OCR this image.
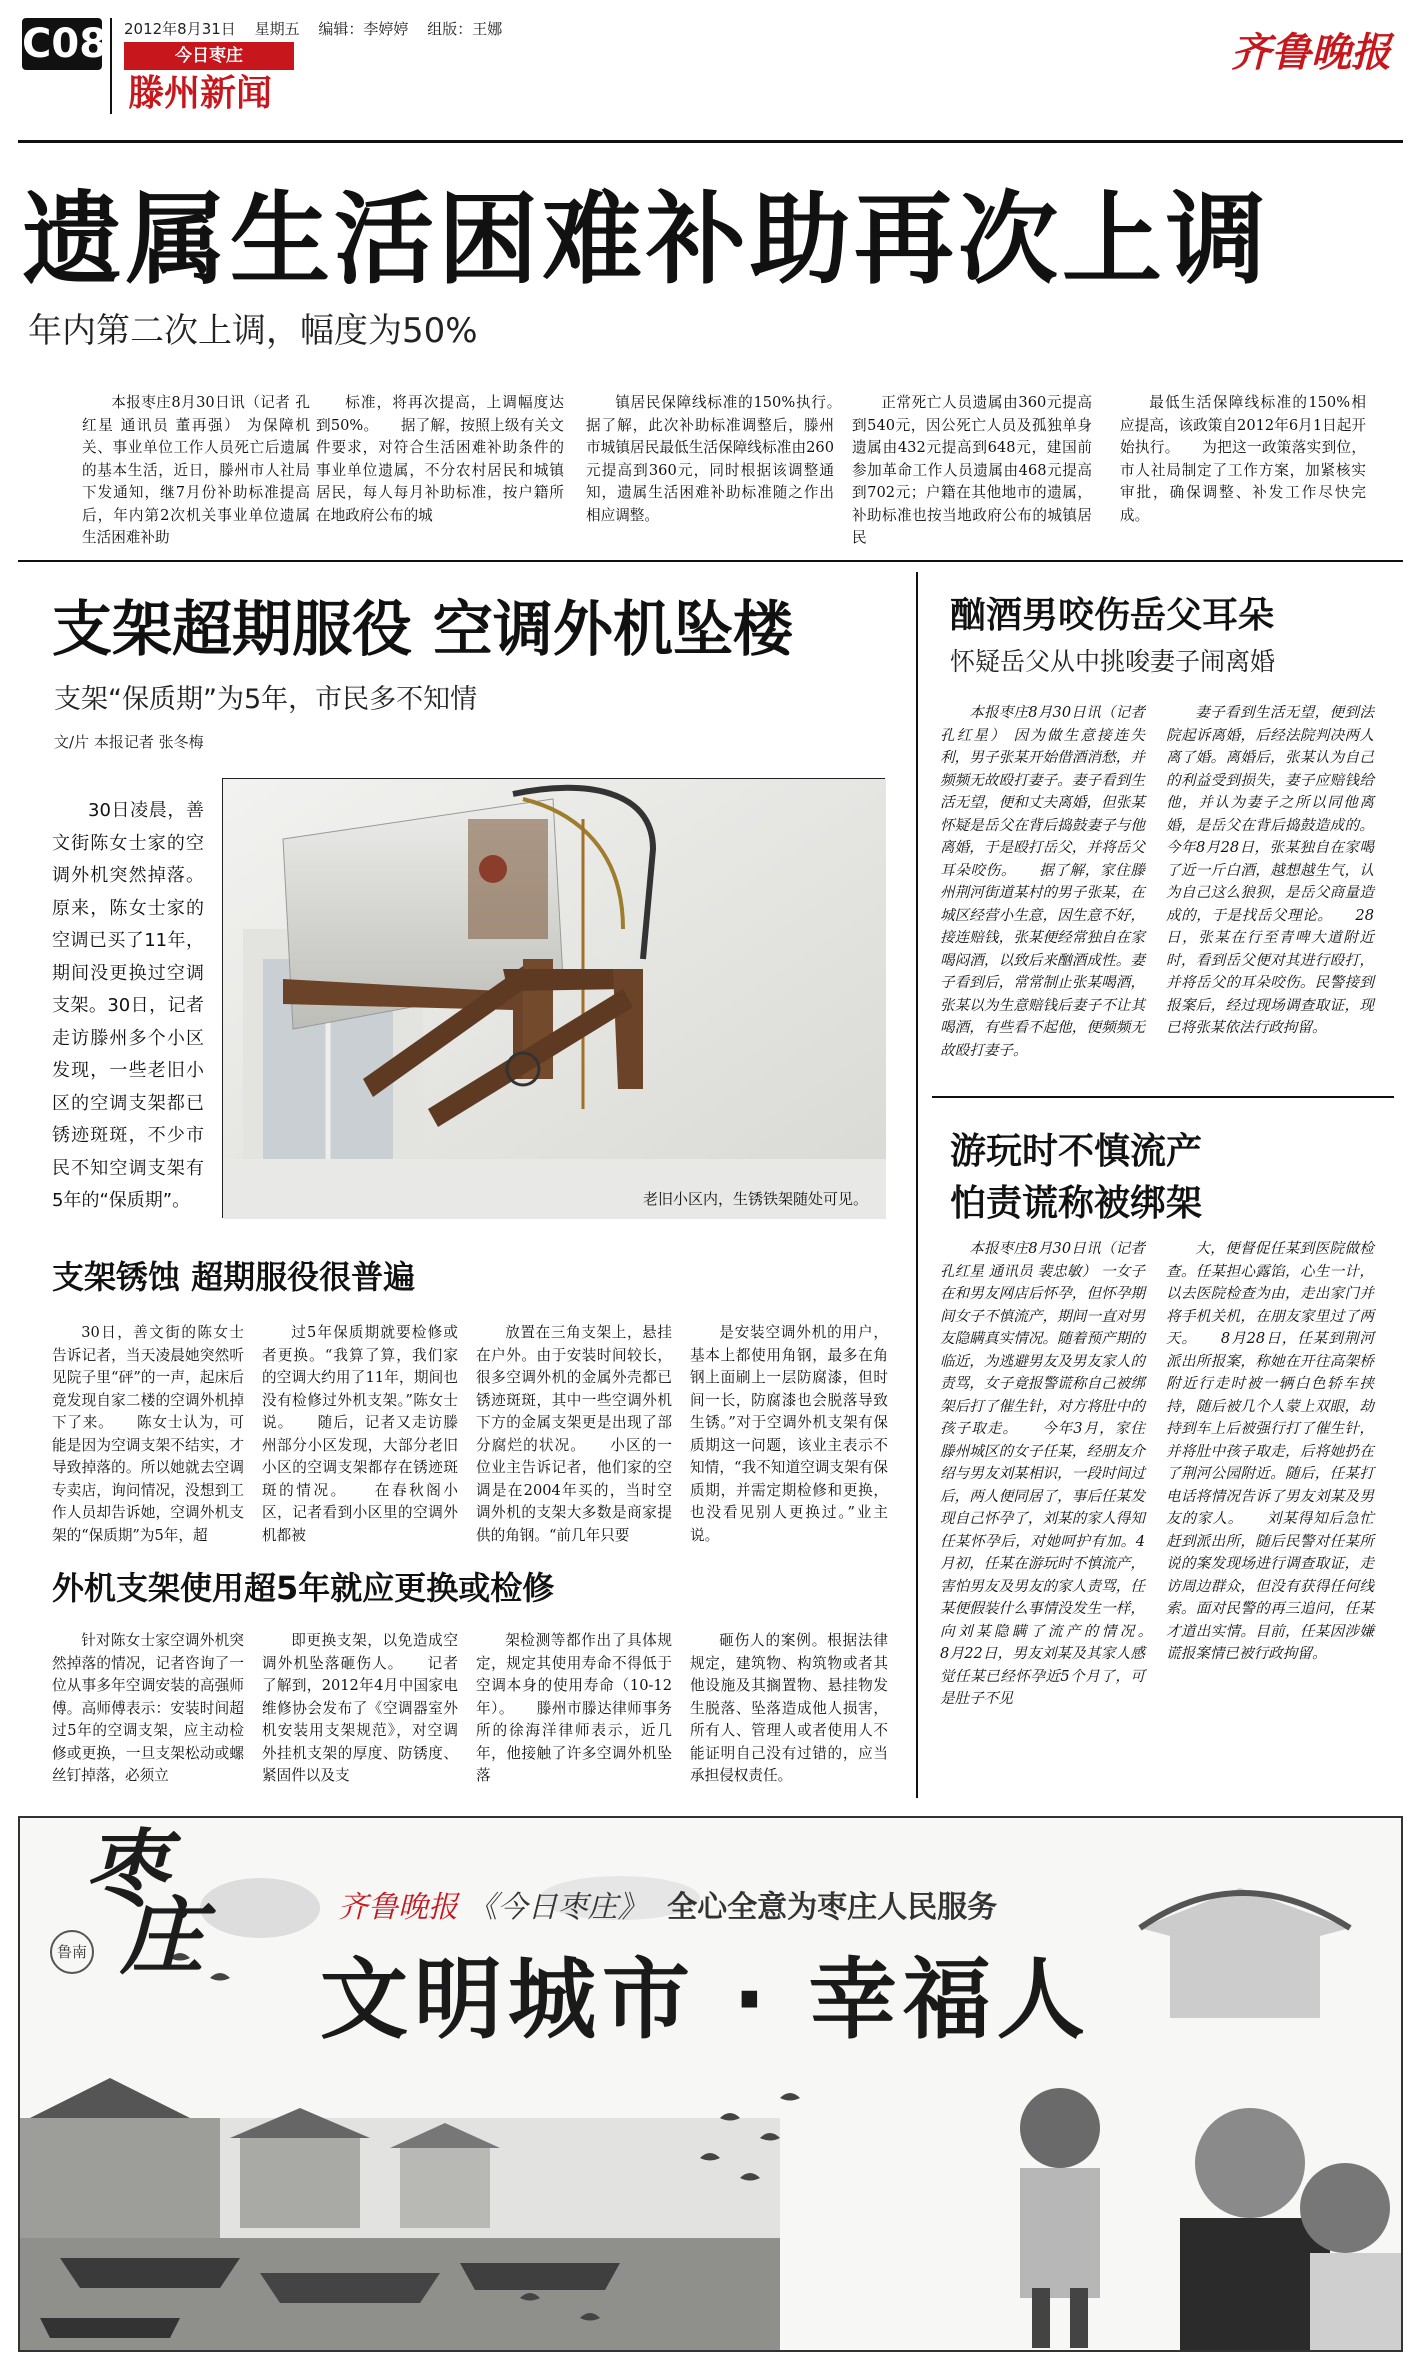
C08 2012年8月31日 星期五 编辑：李婷婷 组版：王娜
今日枣庄
滕州新闻
齐鲁晚报
遗属生活困难补助再次上调
年内第二次上调，幅度为50%

本报枣庄8月30日讯（记者 孔红星 通讯员 董再强） 为保障机关、事业单位工作人员死亡后遗属的基本生活，近日，滕州市人社局下发通知，继7月份补助标准提高后，年内第2次机关事业单位遗属生活困难补助

标准，将再次提高，上调幅度达到50%。　　据了解，按照上级有关文件要求，对符合生活困难补助条件的事业单位遗属，不分农村居民和城镇居民，每人每月补助标准，按户籍所在地政府公布的城

镇居民保障线标准的150%执行。　　据了解，此次补助标准调整后，滕州市城镇居民最低生活保障线标准由260元提高到360元，同时根据该调整通知，遗属生活困难补助标准随之作出相应调整。

正常死亡人员遗属由360元提高到540元，因公死亡人员及孤独单身遗属由432元提高到648元，建国前参加革命工作人员遗属由468元提高到702元；户籍在其他地市的遗属，补助标准也按当地政府公布的城镇居民

最低生活保障线标准的150%相应提高，该政策自2012年6月1日起开始执行。　　为把这一政策落实到位，市人社局制定了工作方案，加紧核实审批，确保调整、补发工作尽快完成。

支架超期服役 空调外机坠楼
支架“保质期”为5年，市民多不知情
文/片 本报记者 张冬梅

30日凌晨，善文街陈女士家的空调外机突然掉落。原来，陈女士家的空调已买了11年，期间没更换过空调支架。30日，记者走访滕州多个小区发现，一些老旧小区的空调支架都已锈迹斑斑，不少市民不知空调支架有5年的“保质期”。	老旧小区内，生锈铁架随处可见。
支架锈蚀 超期服役很普遍

30日，善文街的陈女士告诉记者，当天凌晨她突然听见院子里“砰”的一声，起床后竟发现自家二楼的空调外机掉下了来。　　陈女士认为，可能是因为空调支架不结实，才导致掉落的。所以她就去空调专卖店，询问情况，没想到工作人员却告诉她，空调外机支架的“保质期”为5年，超

过5年保质期就要检修或者更换。“我算了算，我们家的空调大约用了11年，期间也没有检修过外机支架。”陈女士说。　　随后，记者又走访滕州部分小区发现，大部分老旧小区的空调支架都存在锈迹斑斑的情况。　　在春秋阁小区，记者看到小区里的空调外机都被

放置在三角支架上，悬挂在户外。由于安装时间较长，很多空调外机的金属外壳都已锈迹斑斑，其中一些空调外机下方的金属支架更是出现了部分腐烂的状况。　　小区的一位业主告诉记者，他们家的空调是在2004年买的，当时空调外机的支架大多数是商家提供的角钢。“前几年只要

是安装空调外机的用户，基本上都使用角钢，最多在角钢上面刷上一层防腐漆，但时间一长，防腐漆也会脱落导致生锈。”对于空调外机支架有保质期这一问题，该业主表示不知情，“我不知道空调支架有保质期，并需定期检修和更换，也没看见别人更换过。”业主说。

外机支架使用超5年就应更换或检修

针对陈女士家空调外机突然掉落的情况，记者咨询了一位从事多年空调安装的高强师傅。高师傅表示：安装时间超过5年的空调支架，应主动检修或更换，一旦支架松动或螺丝钉掉落，必须立

即更换支架，以免造成空调外机坠落砸伤人。　　记者了解到，2012年4月中国家电维修协会发布了《空调器室外机安装用支架规范》，对空调外挂机支架的厚度、防锈度、紧固件以及支

架检测等都作出了具体规定，规定其使用寿命不得低于空调本身的使用寿命（10-12年）。　　滕州市滕达律师事务所的徐海洋律师表示，近几年，他接触了许多空调外机坠落

砸伤人的案例。根据法律规定，建筑物、构筑物或者其他设施及其搁置物、悬挂物发生脱落、坠落造成他人损害，所有人、管理人或者使用人不能证明自己没有过错的，应当承担侵权责任。

酗酒男咬伤岳父耳朵
怀疑岳父从中挑唆妻子闹离婚

本报枣庄8月30日讯（记者 孔红星） 因为做生意接连失利，男子张某开始借酒消愁，并频频无故殴打妻子。妻子看到生活无望，便和丈夫离婚，但张某怀疑是岳父在背后捣鼓妻子与他离婚，于是殴打岳父，并将岳父耳朵咬伤。　　据了解，家住滕州荆河街道某村的男子张某，在城区经营小生意，因生意不好，接连赔钱，张某便经常独自在家喝闷酒，以致后来酗酒成性。妻子看到后，常常制止张某喝酒，张某以为生意赔钱后妻子不让其喝酒，有些看不起他，便频频无故殴打妻子。

妻子看到生活无望，便到法院起诉离婚，后经法院判决两人离了婚。离婚后，张某认为自己的利益受到损失，妻子应赔钱给他，并认为妻子之所以同他离婚，是岳父在背后捣鼓造成的。今年8月28日，张某独自在家喝了近一斤白酒，越想越生气，认为自己这么狼狈，是岳父商量造成的，于是找岳父理论。　　28日，张某在行至青啤大道附近时，看到岳父便对其进行殴打，并将岳父的耳朵咬伤。民警接到报案后，经过现场调查取证，现已将张某依法行政拘留。

游玩时不慎流产
怕责谎称被绑架

本报枣庄8月30日讯（记者 孔红星 通讯员 裴忠敏） 一女子在和男友网店后怀孕，但怀孕期间女子不慎流产，期间一直对男友隐瞒真实情况。随着预产期的临近，为逃避男友及男友家人的责骂，女子竟报警谎称自己被绑架后打了催生针，对方将肚中的孩子取走。　　今年3月，家住滕州城区的女子任某，经朋友介绍与男友刘某相识，一段时间过后，两人便同居了，事后任某发现自己怀孕了，刘某的家人得知任某怀孕后，对她呵护有加。4月初，任某在游玩时不慎流产，害怕男友及男友的家人责骂，任某便假装什么事情没发生一样，向刘某隐瞒了流产的情况。　　8月22日，男友刘某及其家人感觉任某已经怀孕近5个月了，可是肚子不见

大，便督促任某到医院做检查。任某担心露馅，心生一计，以去医院检查为由，走出家门并将手机关机，在朋友家里过了两天。　　8月28日，任某到荆河派出所报案，称她在开往高架桥附近行走时被一辆白色轿车挟持，随后被几个人蒙上双眼，劫持到车上后被强行打了催生针，并将肚中孩子取走，后将她扔在了荆河公园附近。随后，任某打电话将情况告诉了男友刘某及男友的家人。　　刘某得知后急忙赶到派出所，随后民警对任某所说的案发现场进行调查取证，走访周边群众，但没有获得任何线索。面对民警的再三追问，任某才道出实情。目前，任某因涉嫌谎报案情已被行政拘留。

枣
庄
鲁南
齐鲁晚报 《今日枣庄》 全心全意为枣庄人民服务
文明城市 · 幸福人
